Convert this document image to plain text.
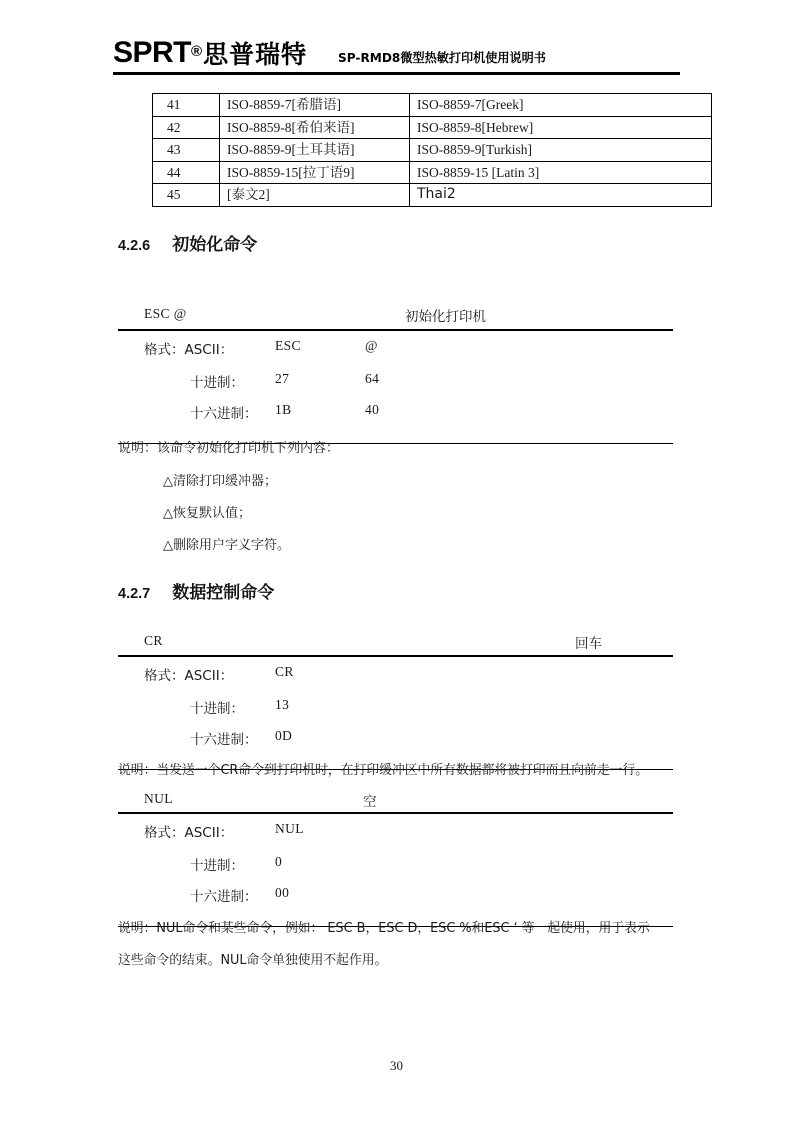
SPRT ® 思普瑞特 SP-RMD8微型热敏打印机使用说明书
41	ISO-8859-7[希腊语]	ISO-8859-7[Greek]
42	ISO-8859-8[希伯来语]	ISO-8859-8[Hebrew]
43	ISO-8859-9[土耳其语]	ISO-8859-9[Turkish]
44	ISO-8859-15[拉丁语9]	ISO-8859-15 [Latin 3]
45	[泰文2]	Thai2
4.2.6 初始化命令
ESC @	初始化打印机
格式：ASCII：	ESC	@
十进制： 27	64
十六进制： 1B	40
说明：该命令初始化打印机下列内容：
△清除打印缓冲器；
△恢复默认值；
△删除用户字义字符。
4.2.7 数据控制命令
CR	回车
格式：ASCII：	CR
十进制： 13
十六进制： 0D
说明：当发送一个CR命令到打印机时，在打印缓冲区中所有数据都将被打印而且向前走一行。
NUL	空
格式：ASCII：	NUL
十进制： 0
十六进制： 00
说明：NUL命令和某些命令，例如： ESC B，ESC D，ESC %和ESC ‘ 等一起使用，用于表示
这些命令的结束。NUL命令单独使用不起作用。
30
